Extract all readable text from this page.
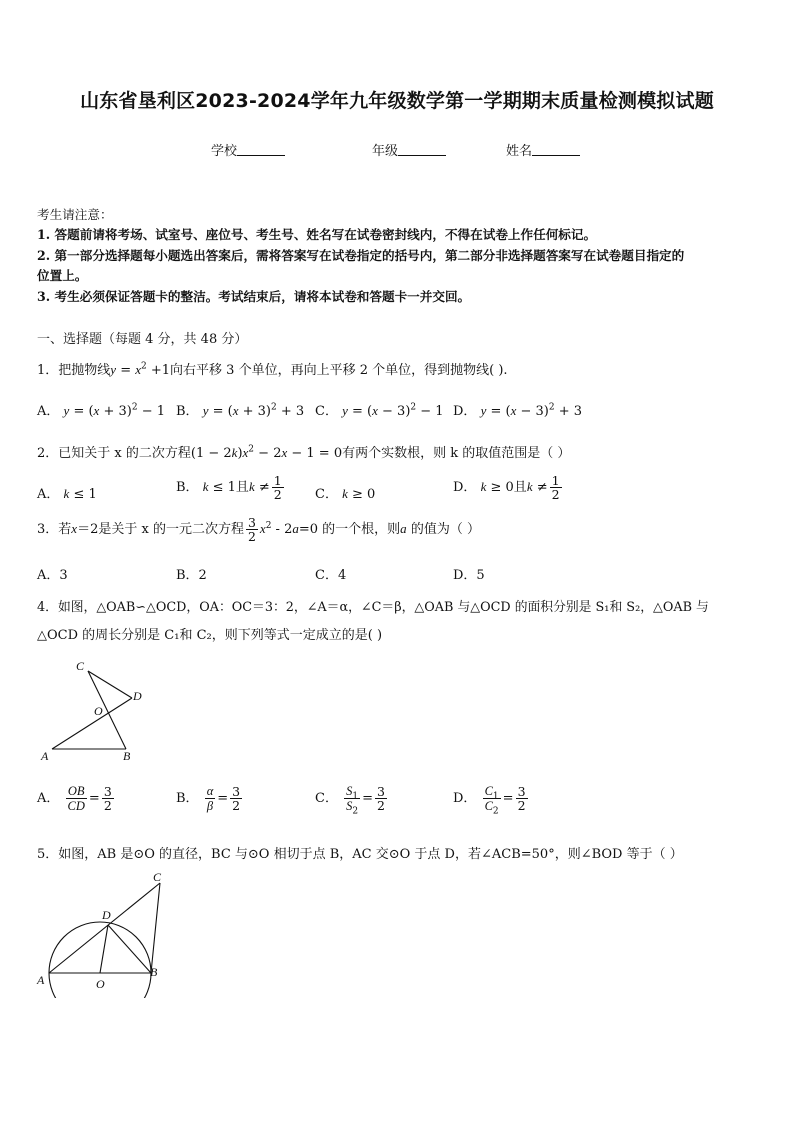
山东省垦利区2023-2024学年九年级数学第一学期期末质量检测模拟试题
学校	年级	姓名
考生请注意：
1. 答题前请将考场、试室号、座位号、考生号、姓名写在试卷密封线内，不得在试卷上作任何标记。
2. 第一部分选择题每小题选出答案后，需将答案写在试卷指定的括号内，第二部分非选择题答案写在试卷题目指定的
位置上。
3. 考生必须保证答题卡的整洁。考试结束后，请将本试卷和答题卡一并交回。
一、选择题（每题 4 分，共 48 分）
1．把抛物线$y = x^2 +1$向右平移 3 个单位，再向上平移 2 个单位，得到抛物线( ).
A． $y = (x + 3)^2 - 1$ B． $y = (x + 3)^2 + 3$ C． $y = (x - 3)^2 - 1$ D． $y = (x - 3)^2 + 3$
2．已知关于 x 的二次方程$(1 - 2k)x^2 - 2x - 1 = 0$有两个实数根，则 k 的取值范围是（ ）
A． k ≤ 1	B． k ≤ 1且$k \ne \frac{1}{2}$ C． k ≥ 0	D． k ≥ 0且$k \ne \frac{1}{2}$
3．若x＝2是关于 x 的一元二次方程 $\frac{3}{2} x^2 - 2a=0$ 的一个根，则a 的值为（ ）
A．3	B．2	C．4	D．5
4．如图，△OAB∽△OCD，OA：OC＝3：2，∠A＝α，∠C＝β，△OAB 与△OCD 的面积分别是 S₁和 S₂，△OAB 与
△OCD 的周长分别是 C₁和 C₂，则下列等式一定成立的是( )
C
D
O
A	B
A． $\frac{OB}{CD} = \frac{3}{2}$	B． $\frac{\alpha}{\beta} = \frac{3}{2}$	C． $\frac{S_1}{S_2} = \frac{3}{2}$	D． $\frac{C_1}{C_2} = \frac{3}{2}$
5．如图，AB 是⊙O 的直径，BC 与⊙O 相切于点 B，AC 交⊙O 于点 D，若∠ACB=50°，则∠BOD 等于（ ）
C
D
A	O
B
